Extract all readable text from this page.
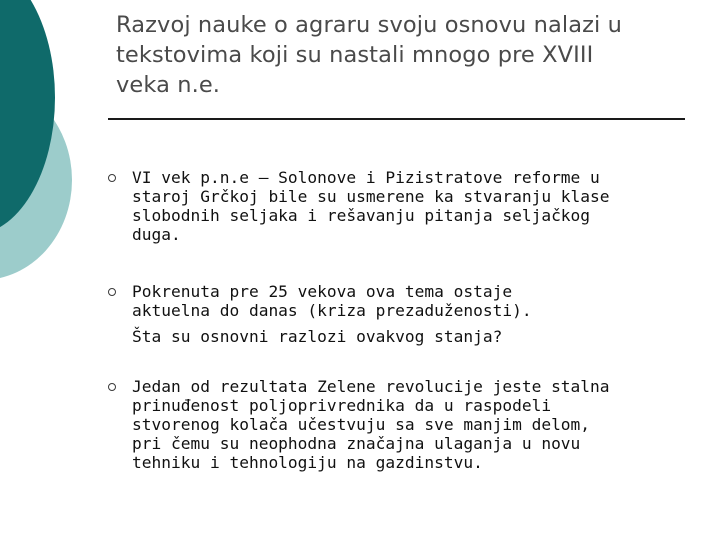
Razvoj nauke o agraru svoju osnovu nalazi u
tekstovima koji su nastali mnogo pre XVIII
veka n.e.
VI vek p.n.e – Solonove i Pizistratove reforme u
staroj Grčkoj bile su usmerene ka stvaranju klase
slobodnih seljaka i rešavanju pitanja seljačkog
duga.
Pokrenuta pre 25 vekova ova tema ostaje
aktuelna do danas (kriza prezaduženosti).
Šta su osnovni razlozi ovakvog stanja?
Jedan od rezultata Zelene revolucije jeste stalna
prinuđenost poljoprivrednika da u raspodeli
stvorenog kolača učestvuju sa sve manjim delom,
pri čemu su neophodna značajna ulaganja u novu
tehniku i tehnologiju na gazdinstvu.
